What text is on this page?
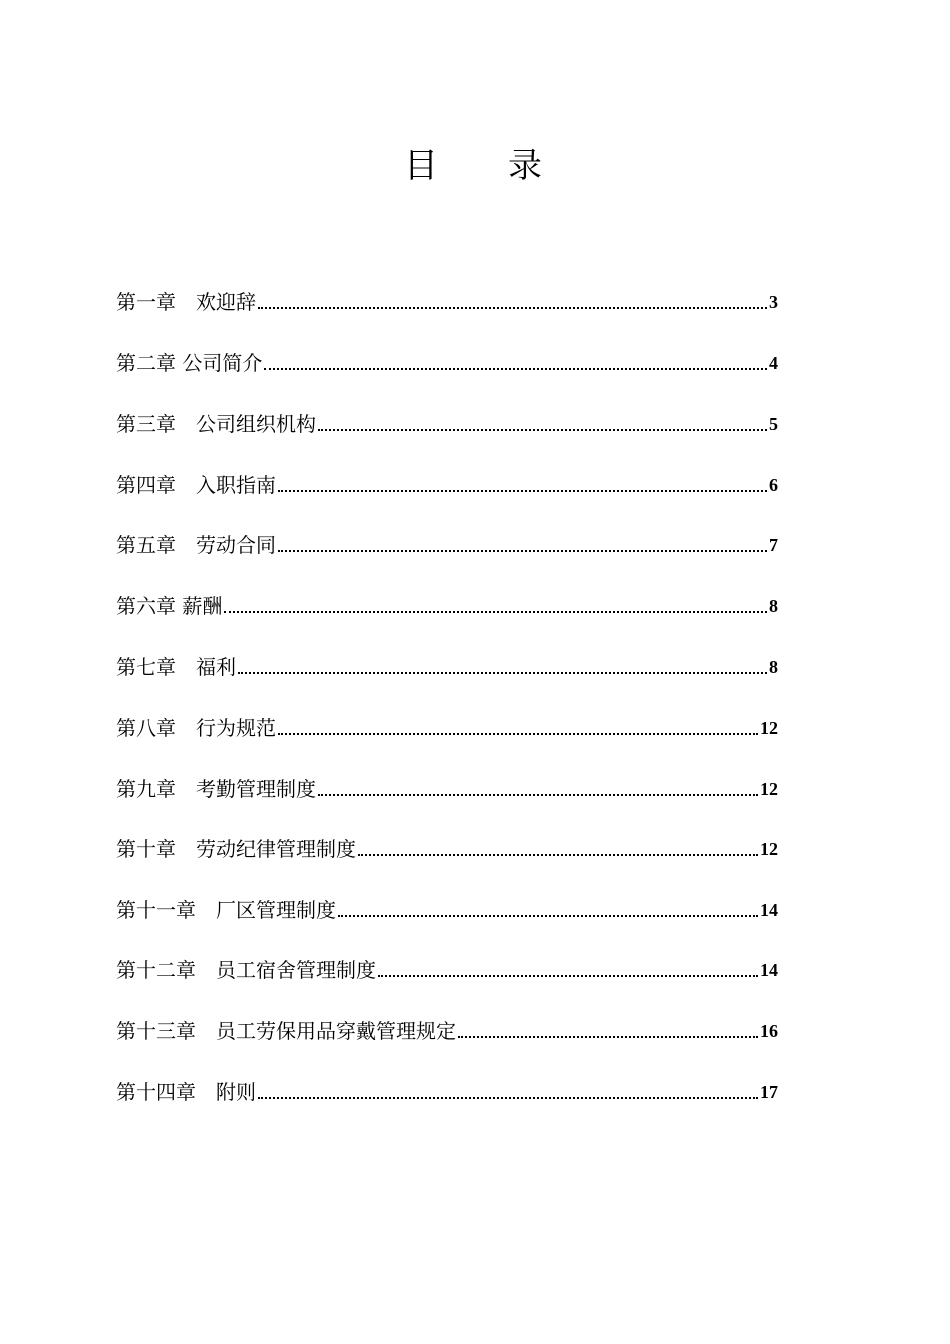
目 录
第一章　欢迎辞	3
第二章 公司简介	4
第三章　公司组织机构	5
第四章　入职指南	6
第五章　劳动合同	7
第六章 薪酬	8
第七章　福利	8
第八章　行为规范	12
第九章　考勤管理制度	12
第十章　劳动纪律管理制度	12
第十一章　厂区管理制度	14
第十二章　员工宿舍管理制度	14
第十三章　员工劳保用品穿戴管理规定	16
第十四章　附则	17
